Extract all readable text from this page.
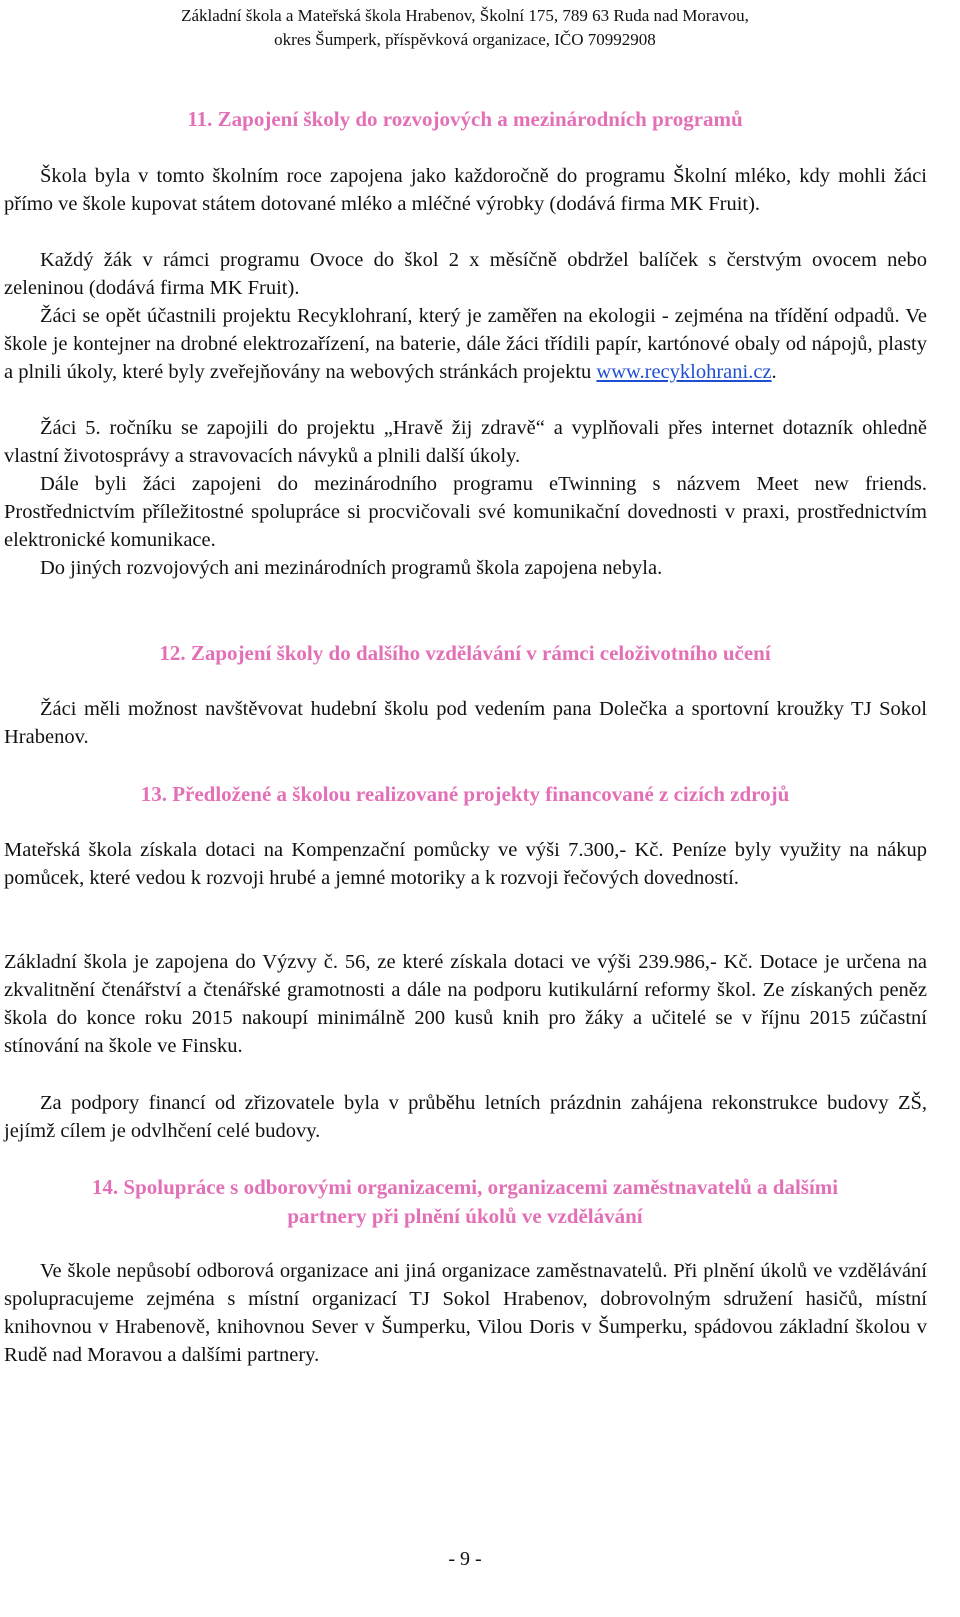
Základní škola a Mateřská škola Hrabenov, Školní 175, 789 63 Ruda nad Moravou,
okres Šumperk, příspěvková organizace, IČO 70992908
11. Zapojení školy do rozvojových a mezinárodních programů
Škola byla v tomto školním roce zapojena jako každoročně do programu Školní mléko, kdy mohli žáci přímo ve škole kupovat státem dotované mléko a mléčné výrobky (dodává firma MK Fruit).
Každý žák v rámci programu Ovoce do škol 2 x měsíčně obdržel balíček s čerstvým ovocem nebo zeleninou (dodává firma MK Fruit).
Žáci se opět účastnili projektu Recyklohraní, který je zaměřen na ekologii - zejména na třídění odpadů. Ve škole je kontejner na drobné elektrozařízení, na baterie, dále žáci třídili papír, kartónové obaly od nápojů, plasty a plnili úkoly, které byly zveřejňovány na webových stránkách projektu www.recyklohrani.cz.
Žáci 5. ročníku se zapojili do projektu „Hravě žij zdravě“ a vyplňovali přes internet dotazník ohledně vlastní životosprávy a stravovacích návyků a plnili další úkoly.
Dále byli žáci zapojeni do mezinárodního programu eTwinning s názvem Meet new friends. Prostřednictvím příležitostné spolupráce si procvičovali své komunikační dovednosti v praxi, prostřednictvím elektronické komunikace.
Do jiných rozvojových ani mezinárodních programů škola zapojena nebyla.
12. Zapojení školy do dalšího vzdělávání v rámci celoživotního učení
Žáci měli možnost navštěvovat hudební školu pod vedením pana Dolečka a sportovní kroužky TJ Sokol Hrabenov.
13. Předložené a školou realizované projekty financované z cizích zdrojů
Mateřská škola získala dotaci na Kompenzační pomůcky ve výši 7.300,- Kč. Peníze byly využity na nákup pomůcek, které vedou k rozvoji hrubé a jemné motoriky a k rozvoji řečových dovedností.
Základní škola je zapojena do Výzvy č. 56, ze které získala dotaci ve výši 239.986,- Kč. Dotace je určena na zkvalitnění čtenářství a čtenářské gramotnosti a dále na podporu kutikulární reformy škol. Ze získaných peněz škola do konce roku 2015 nakoupí minimálně 200 kusů knih pro žáky a učitelé se v říjnu 2015 zúčastní stínování na škole ve Finsku.
Za podpory financí od zřizovatele byla v průběhu letních prázdnin zahájena rekonstrukce budovy ZŠ, jejímž cílem je odvlhčení celé budovy.
14. Spolupráce s odborovými organizacemi, organizacemi zaměstnavatelů a dalšími
partnery při plnění úkolů ve vzdělávání
Ve škole nepůsobí odborová organizace ani jiná organizace zaměstnavatelů. Při plnění úkolů ve vzdělávání spolupracujeme zejména s místní organizací TJ Sokol Hrabenov, dobrovolným sdružení hasičů, místní knihovnou v Hrabenově, knihovnou Sever v Šumperku, Vilou Doris v Šumperku, spádovou základní školou v Rudě nad Moravou a dalšími partnery.
- 9 -
